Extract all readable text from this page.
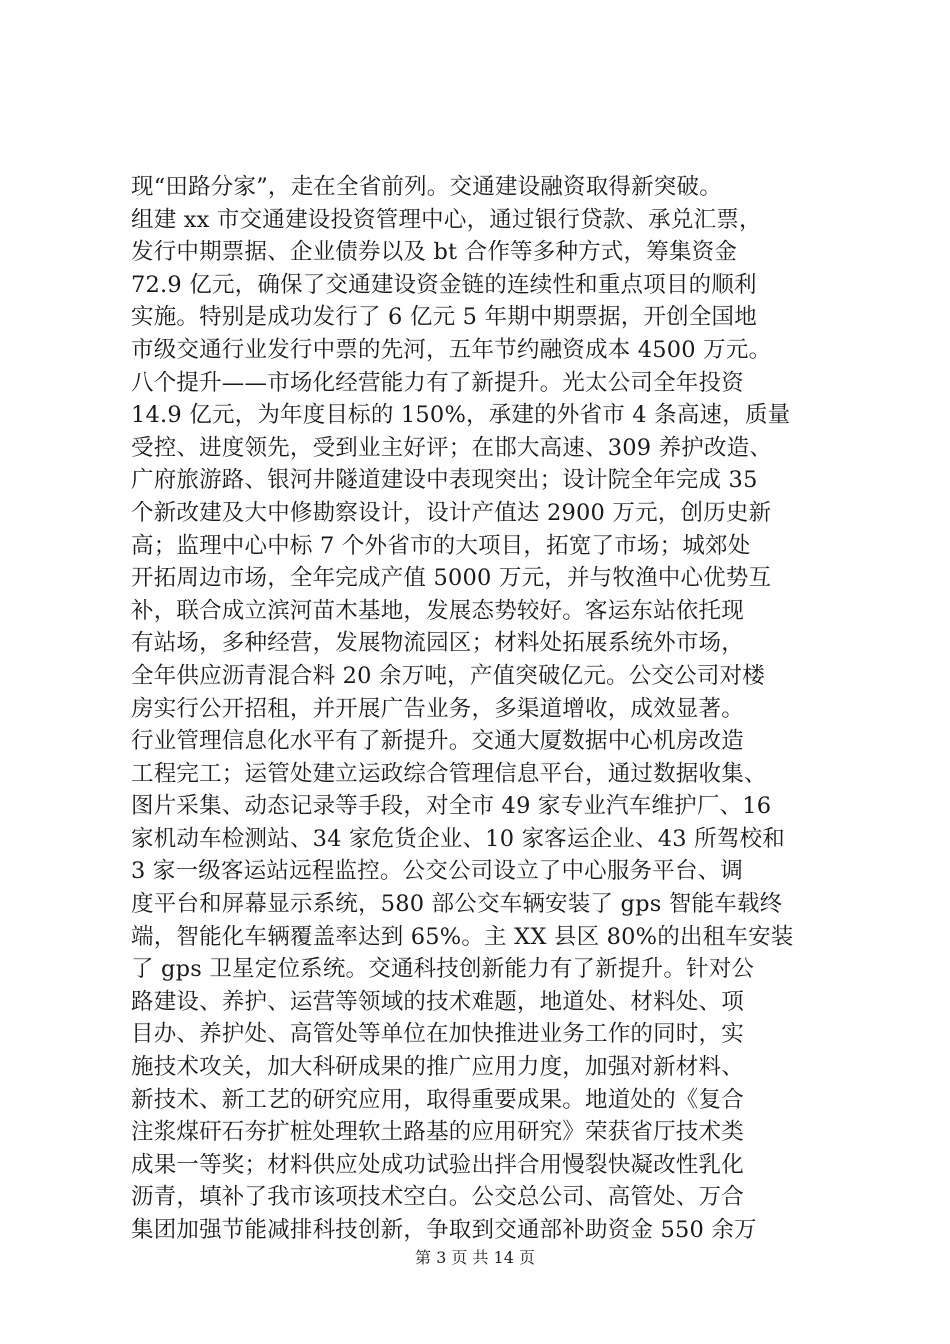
现“田路分家”，走在全省前列。交通建设融资取得新突破。
组建 xx 市交通建设投资管理中心，通过银行贷款、承兑汇票，
发行中期票据、企业债券以及 bt 合作等多种方式，筹集资金
72.9 亿元，确保了交通建设资金链的连续性和重点项目的顺利
实施。特别是成功发行了 6 亿元 5 年期中期票据，开创全国地
市级交通行业发行中票的先河，五年节约融资成本 4500 万元。
八个提升——市场化经营能力有了新提升。光太公司全年投资
14.9 亿元，为年度目标的 150%，承建的外省市 4 条高速，质量
受控、进度领先，受到业主好评；在邯大高速、309 养护改造、
广府旅游路、银河井隧道建设中表现突出；设计院全年完成 35
个新改建及大中修勘察设计，设计产值达 2900 万元，创历史新
高；监理中心中标 7 个外省市的大项目，拓宽了市场；城郊处
开拓周边市场，全年完成产值 5000 万元，并与牧渔中心优势互
补，联合成立滨河苗木基地，发展态势较好。客运东站依托现
有站场，多种经营，发展物流园区；材料处拓展系统外市场，
全年供应沥青混合料 20 余万吨，产值突破亿元。公交公司对楼
房实行公开招租，并开展广告业务，多渠道增收，成效显著。
行业管理信息化水平有了新提升。交通大厦数据中心机房改造
工程完工；运管处建立运政综合管理信息平台，通过数据收集、
图片采集、动态记录等手段，对全市 49 家专业汽车维护厂、16
家机动车检测站、34 家危货企业、10 家客运企业、43 所驾校和
3 家一级客运站远程监控。公交公司设立了中心服务平台、调
度平台和屏幕显示系统，580 部公交车辆安装了 gps 智能车载终
端，智能化车辆覆盖率达到 65%。主 XX 县区 80%的出租车安装
了 gps 卫星定位系统。交通科技创新能力有了新提升。针对公
路建设、养护、运营等领域的技术难题，地道处、材料处、项
目办、养护处、高管处等单位在加快推进业务工作的同时，实
施技术攻关，加大科研成果的推广应用力度，加强对新材料、
新技术、新工艺的研究应用，取得重要成果。地道处的《复合
注浆煤矸石夯扩桩处理软土路基的应用研究》荣获省厅技术类
成果一等奖；材料供应处成功试验出拌合用慢裂快凝改性乳化
沥青，填补了我市该项技术空白。公交总公司、高管处、万合
集团加强节能减排科技创新，争取到交通部补助资金 550 余万
第 3 页 共 14 页
